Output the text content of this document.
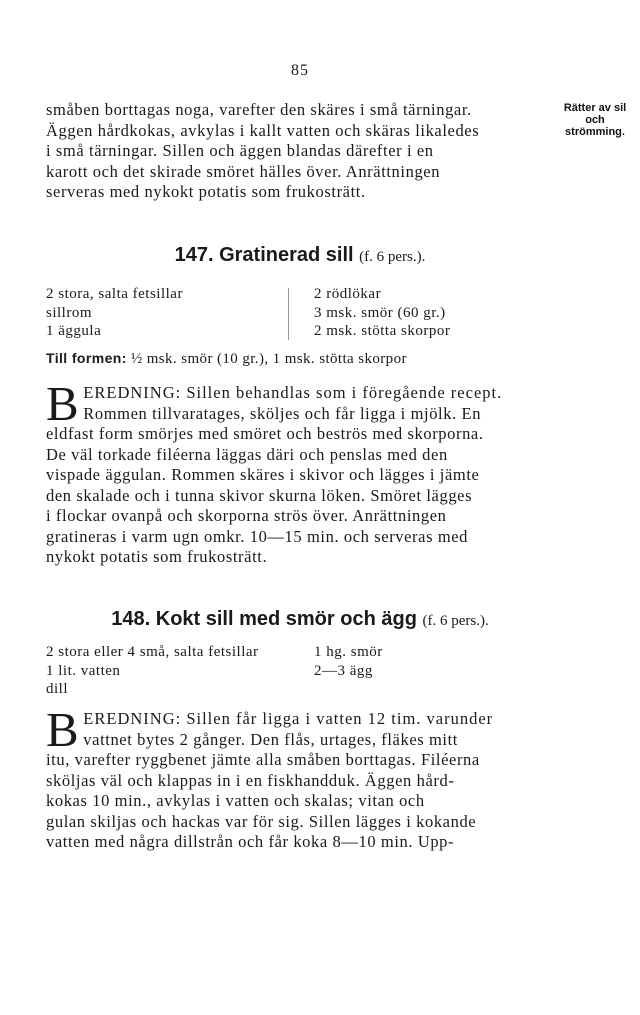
85
Rätter av sil
och
strömming.

småben borttagas noga, varefter den skäres i små tärningar.

Äggen hårdkokas, avkylas i kallt vatten och skäras likaledes

i små tärningar. Sillen och äggen blandas därefter i en

karott och det skirade smöret hälles över. Anrättningen

serveras med nykokt potatis som frukosträtt.

147. Gratinerad sill (f. 6 pers.).
2 stora, salta fetsillar
sillrom
1 äggula
2 rödlökar
3 msk. smör (60 gr.)
2 msk. stötta skorpor
Till formen: ½ msk. smör (10 gr.), 1 msk. stötta skorpor
B EREDNING: Sillen behandlas som i föregående recept.

Rommen tillvaratages, sköljes och får ligga i mjölk. En

eldfast form smörjes med smöret och beströs med skorporna.

De väl torkade filéerna läggas däri och penslas med den

vispade äggulan. Rommen skäres i skivor och lägges i jämte

den skalade och i tunna skivor skurna löken. Smöret lägges

i flockar ovanpå och skorporna strös över. Anrättningen

gratineras i varm ugn omkr. 10—15 min. och serveras med

nykokt potatis som frukosträtt.

148. Kokt sill med smör och ägg (f. 6 pers.).
2 stora eller 4 små, salta fetsillar
1 lit. vatten
dill
1 hg. smör
2—3 ägg
B EREDNING: Sillen får ligga i vatten 12 tim. varunder

vattnet bytes 2 gånger. Den flås, urtages, fläkes mitt

itu, varefter ryggbenet jämte alla småben borttagas. Filéerna

sköljas väl och klappas in i en fiskhandduk. Äggen hård-

kokas 10 min., avkylas i vatten och skalas; vitan och

gulan skiljas och hackas var för sig. Sillen lägges i kokande

vatten med några dillstrån och får koka 8—10 min. Upp-
